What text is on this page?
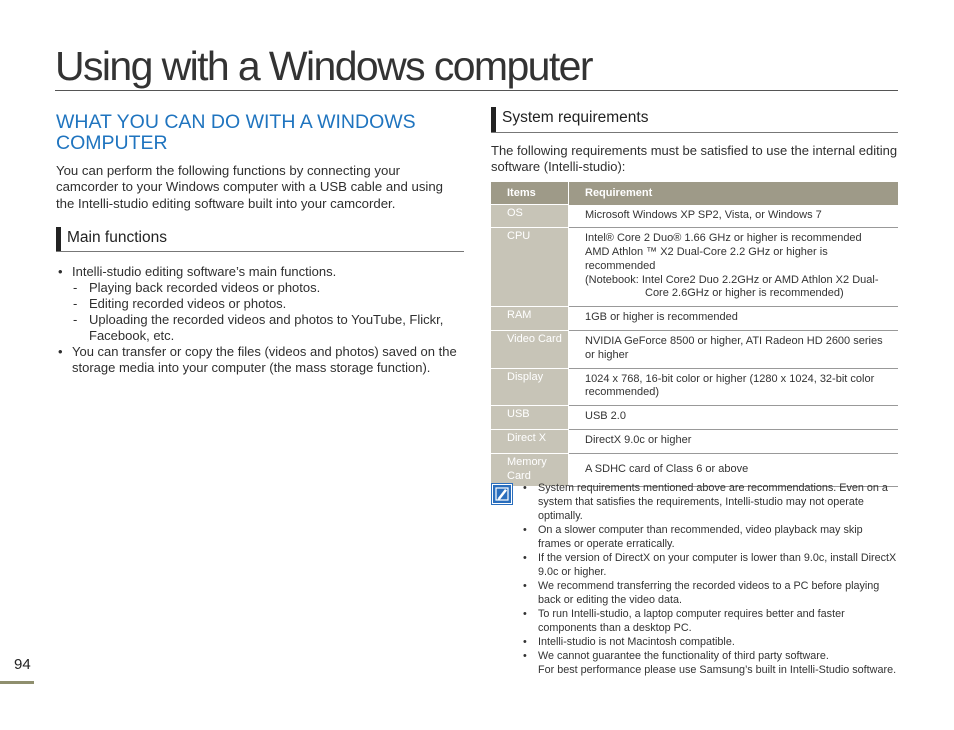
Using with a Windows computer
WHAT YOU CAN DO WITH A WINDOWS COMPUTER

You can perform the following functions by connecting your camcorder to your Windows computer with a USB cable and using the Intelli-studio editing software built into your camcorder.

Main functions
• Intelli-studio editing software’s main functions.
- Playing back recorded videos or photos.
- Editing recorded videos or photos.
- Uploading the recorded videos and photos to YouTube, Flickr, Facebook, etc.
• You can transfer or copy the files (videos and photos) saved on the storage media into your computer (the mass storage function).
System requirements

The following requirements must be satisfied to use the internal editing software (Intelli-studio):

Items	Requirement
OS	Microsoft Windows XP SP2, Vista, or Windows 7
CPU	Intel® Core 2 Duo® 1.66 GHz or higher is recommended
AMD Athlon ™ X2 Dual-Core 2.2 GHz or higher is recommended
(Notebook: Intel Core2 Duo 2.2GHz or AMD Athlon X2 Dual-
Core 2.6GHz or higher is recommended)

RAM	1GB or higher is recommended
Video Card	NVIDIA GeForce 8500 or higher, ATI Radeon HD 2600 series or higher
Display	1024 x 768, 16-bit color or higher (1280 x 1024, 32-bit color recommended)
USB	USB 2.0
Direct X	DirectX 9.0c or higher
Memory Card	A SDHC card of Class 6 or above
• System requirements mentioned above are recommendations. Even on a system that satisfies the requirements, Intelli-studio may not operate optimally.
• On a slower computer than recommended, video playback may skip frames or operate erratically.
• If the version of DirectX on your computer is lower than 9.0c, install DirectX 9.0c or higher.
• We recommend transferring the recorded videos to a PC before playing back or editing the video data.
• To run Intelli-studio, a laptop computer requires better and faster components than a desktop PC.
• Intelli-studio is not Macintosh compatible.
• We cannot guarantee the functionality of third party software.
For best performance please use Samsung’s built in Intelli-Studio software.
94
